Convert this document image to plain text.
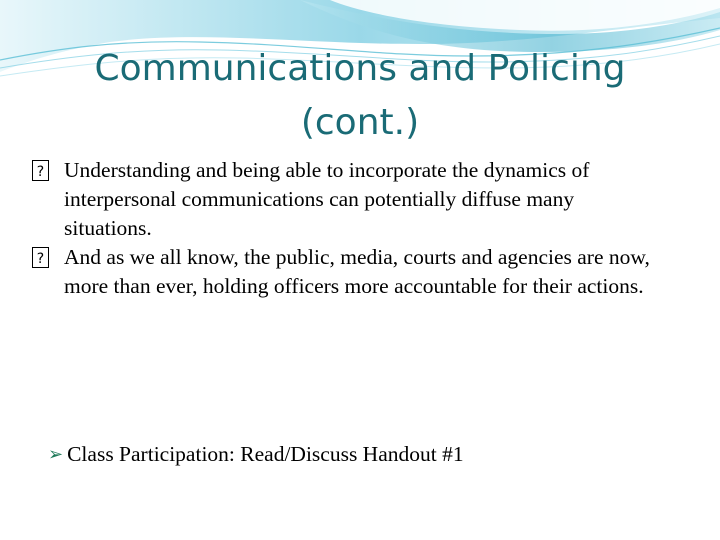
Communications and Policing
(cont.)

?
Understanding and being able to incorporate the dynamics of interpersonal communications can potentially diffuse many situations.

?
And as we all know, the public, media, courts and agencies are now, more than ever, holding officers more accountable for their actions.

➢ Class Participation: Read/Discuss Handout #1
